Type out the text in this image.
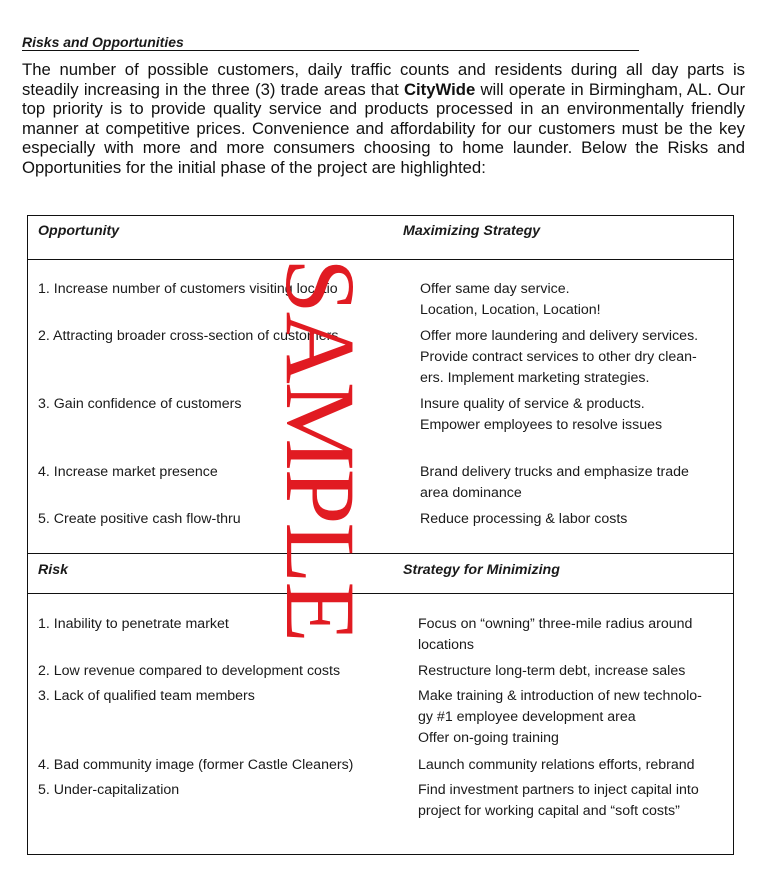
Risks and Opportunities

The number of possible customers, daily traffic counts and residents during all day parts is steadily increasing in the three (3) trade areas that CityWide will operate in Birmingham, AL. Our top priority is to provide quality service and products processed in an environmentally friendly manner at competitive prices. Convenience and affordability for our customers must be the key especially with more and more consumers choosing to home launder. Below the Risks and Opportunities for the initial phase of the project are highlighted:

Opportunity	Maximizing Strategy
1. Increase number of customers visiting locatio	Offer same day service.
Location, Location, Location!
2. Attracting broader cross-section of customers	Offer more laundering and delivery services.
Provide contract services to other dry clean-
ers. Implement marketing strategies.
3. Gain confidence of customers	Insure quality of service & products.
Empower employees to resolve issues
4. Increase market presence	Brand delivery trucks and emphasize trade
area dominance
5. Create positive cash flow-thru	Reduce processing & labor costs
Risk	Strategy for Minimizing
1. Inability to penetrate market	Focus on “owning” three-mile radius around
locations
2. Low revenue compared to development costs	Restructure long-term debt, increase sales
3. Lack of qualified team members	Make training & introduction of new technolo-
gy #1 employee development area
Offer on-going training
4. Bad community image (former Castle Cleaners)	Launch community relations efforts, rebrand
5. Under-capitalization	Find investment partners to inject capital into
project for working capital and “soft costs”
SAMPLE
